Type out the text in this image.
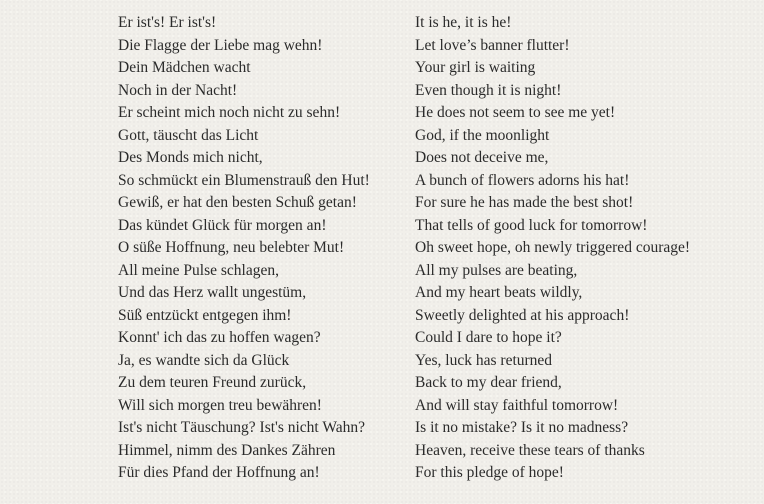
Er ist's! Er ist's!
Die Flagge der Liebe mag wehn!
Dein Mädchen wacht
Noch in der Nacht!
Er scheint mich noch nicht zu sehn!
Gott, täuscht das Licht
Des Monds mich nicht,
So schmückt ein Blumenstrauß den Hut!
Gewiß, er hat den besten Schuß getan!
Das kündet Glück für morgen an!
O süße Hoffnung, neu belebter Mut!
All meine Pulse schlagen,
Und das Herz wallt ungestüm,
Süß entzückt entgegen ihm!
Konnt' ich das zu hoffen wagen?
Ja, es wandte sich da Glück
Zu dem teuren Freund zurück,
Will sich morgen treu bewähren!
Ist's nicht Täuschung? Ist's nicht Wahn?
Himmel, nimm des Dankes Zähren
Für dies Pfand der Hoffnung an!
It is he, it is he!
Let love’s banner flutter!
Your girl is waiting
Even though it is night!
He does not seem to see me yet!
God, if the moonlight
Does not deceive me,
A bunch of flowers adorns his hat!
For sure he has made the best shot!
That tells of good luck for tomorrow!
Oh sweet hope, oh newly triggered courage!
All my pulses are beating,
And my heart beats wildly,
Sweetly delighted at his approach!
Could I dare to hope it?
Yes, luck has returned
Back to my dear friend,
And will stay faithful tomorrow!
Is it no mistake? Is it no madness?
Heaven, receive these tears of thanks
For this pledge of hope!
